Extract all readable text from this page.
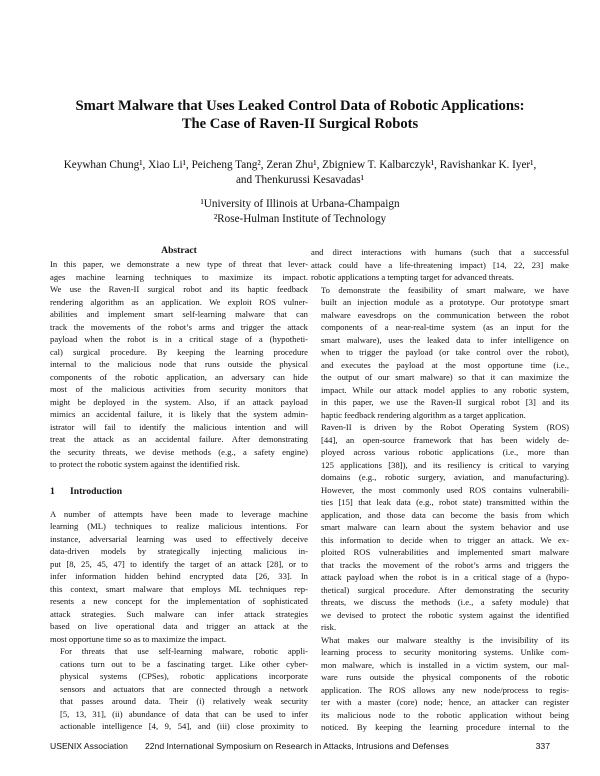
Smart Malware that Uses Leaked Control Data of Robotic Applications:
The Case of Raven-II Surgical Robots
Keywhan Chung¹, Xiao Li¹, Peicheng Tang², Zeran Zhu¹, Zbigniew T. Kalbarczyk¹, Ravishankar K. Iyer¹,
and Thenkurussi Kesavadas¹
¹University of Illinois at Urbana-Champaign
²Rose-Hulman Institute of Technology
Abstract
In this paper, we demonstrate a new type of threat that lever-
ages machine learning techniques to maximize its impact.
We use the Raven-II surgical robot and its haptic feedback
rendering algorithm as an application. We exploit ROS vulner-
abilities and implement smart self-learning malware that can
track the movements of the robot’s arms and trigger the attack
payload when the robot is in a critical stage of a (hypotheti-
cal) surgical procedure. By keeping the learning procedure
internal to the malicious node that runs outside the physical
components of the robotic application, an adversary can hide
most of the malicious activities from security monitors that
might be deployed in the system. Also, if an attack payload
mimics an accidental failure, it is likely that the system admin-
istrator will fail to identify the malicious intention and will
treat the attack as an accidental failure. After demonstrating
the security threats, we devise methods (e.g., a safety engine)
to protect the robotic system against the identified risk.
1 Introduction
A number of attempts have been made to leverage machine
learning (ML) techniques to realize malicious intentions. For
instance, adversarial learning was used to effectively deceive
data-driven models by strategically injecting malicious in-
put [8, 25, 45, 47] to identify the target of an attack [28], or to
infer information hidden behind encrypted data [26, 33]. In
this context, smart malware that employs ML techniques rep-
resents a new concept for the implementation of sophisticated
attack strategies. Such malware can infer attack strategies
based on live operational data and trigger an attack at the
most opportune time so as to maximize the impact.
For threats that use self-learning malware, robotic appli-
cations turn out to be a fascinating target. Like other cyber-
physical systems (CPSes), robotic applications incorporate
sensors and actuators that are connected through a network
that passes around data. Their (i) relatively weak security
[5, 13, 31], (ii) abundance of data that can be used to infer
actionable intelligence [4, 9, 54], and (iii) close proximity to
and direct interactions with humans (such that a successful
attack could have a life-threatening impact) [14, 22, 23] make
robotic applications a tempting target for advanced threats.
To demonstrate the feasibility of smart malware, we have
built an injection module as a prototype. Our prototype smart
malware eavesdrops on the communication between the robot
components of a near-real-time system (as an input for the
smart malware), uses the leaked data to infer intelligence on
when to trigger the payload (or take control over the robot),
and executes the payload at the most opportune time (i.e.,
the output of our smart malware) so that it can maximize the
impact. While our attack model applies to any robotic system,
in this paper, we use the Raven-II surgical robot [3] and its
haptic feedback rendering algorithm as a target application.
Raven-II is driven by the Robot Operating System (ROS)
[44], an open-source framework that has been widely de-
ployed across various robotic applications (i.e., more than
125 applications [38]), and its resiliency is critical to varying
domains (e.g., robotic surgery, aviation, and manufacturing).
However, the most commonly used ROS contains vulnerabili-
ties [15] that leak data (e.g., robot state) transmitted within the
application, and those data can become the basis from which
smart malware can learn about the system behavior and use
this information to decide when to trigger an attack. We ex-
ploited ROS vulnerabilities and implemented smart malware
that tracks the movement of the robot’s arms and triggers the
attack payload when the robot is in a critical stage of a (hypo-
thetical) surgical procedure. After demonstrating the security
threats, we discuss the methods (i.e., a safety module) that
we devised to protect the robotic system against the identified
risk.
What makes our malware stealthy is the invisibility of its
learning process to security monitoring systems. Unlike com-
mon malware, which is installed in a victim system, our mal-
ware runs outside the physical components of the robotic
application. The ROS allows any new node/process to regis-
ter with a master (core) node; hence, an attacker can register
its malicious node to the robotic application without being
noticed. By keeping the learning procedure internal to the
USENIX Association 22nd International Symposium on Research in Attacks, Intrusions and Defenses	337
